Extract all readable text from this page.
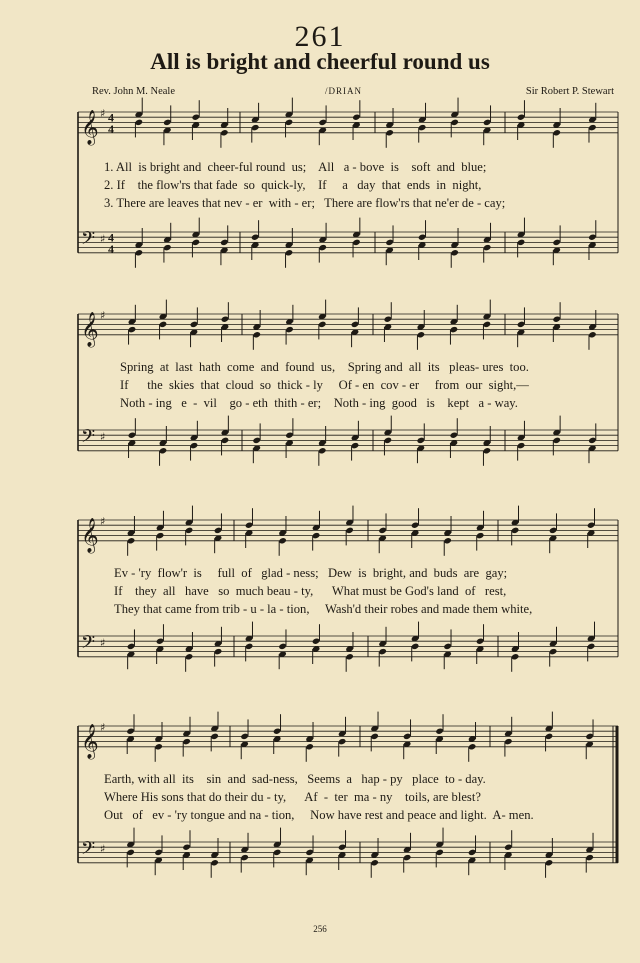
261
All is bright and cheerful round us
Rev. John M. Neale	/DRIAN	Sir Robert P. Stewart
𝄞
𝄢
♯
♯
4
4
4
4
𝄞
𝄢
♯
♯
𝄞
𝄢
♯
♯
𝄞
𝄢
♯
♯
1. All  is bright and  cheer-ful round  us;    All   a - bove  is    soft  and  blue;
2. If    the flow'rs that fade  so  quick-ly,    If     a   day  that  ends  in  night,
3. There are leaves that nev - er  with - er;   There are flow'rs that ne'er de - cay;
Spring  at  last  hath  come  and  found  us,    Spring and  all  its   pleas- ures  too.
If      the  skies  that  cloud  so  thick - ly     Of - en  cov - er     from  our  sight,—
Noth - ing   e  -  vil    go - eth  thith - er;    Noth - ing  good   is    kept   a - way.
Ev - 'ry  flow'r  is     full  of   glad - ness;   Dew  is  bright, and  buds  are  gay;
If    they  all   have   so  much beau - ty,      What must be God's land  of   rest,
They that came from trib - u - la - tion,     Wash'd their robes and made them white,
Earth, with all  its    sin  and  sad-ness,   Seems  a   hap - py   place  to - day.
Where His sons that do their du - ty,      Af  -  ter  ma - ny    toils, are blest?
Out   of   ev - 'ry tongue and na - tion,     Now have rest and peace and light.  A- men.
256
